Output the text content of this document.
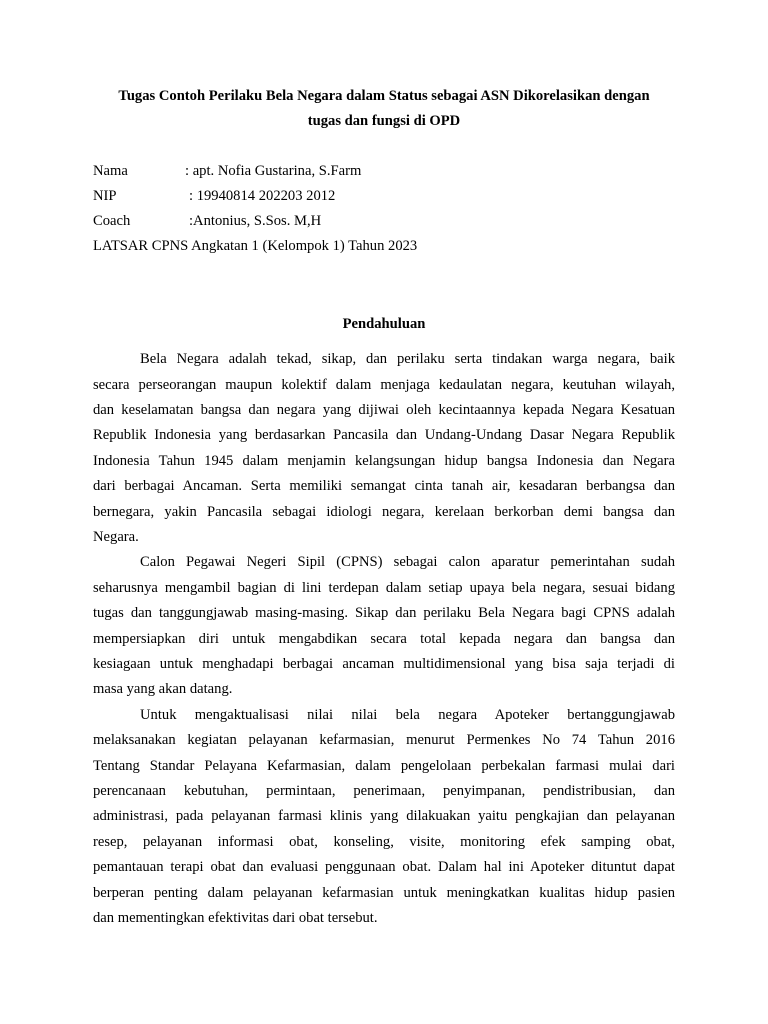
Tugas Contoh Perilaku Bela Negara dalam Status sebagai ASN Dikorelasikan dengan
tugas dan fungsi di OPD
Nama	: apt. Nofia Gustarina, S.Farm
NIP	: 19940814 202203 2012
Coach	:Antonius, S.Sos. M,H
LATSAR CPNS Angkatan 1 (Kelompok 1) Tahun 2023
Pendahuluan
Bela Negara adalah tekad, sikap, dan perilaku serta tindakan warga negara, baik
secara perseorangan maupun kolektif dalam menjaga kedaulatan negara, keutuhan wilayah,
dan keselamatan bangsa dan negara yang dijiwai oleh kecintaannya kepada Negara Kesatuan
Republik Indonesia yang berdasarkan Pancasila dan Undang-Undang Dasar Negara Republik
Indonesia Tahun 1945 dalam menjamin kelangsungan hidup bangsa Indonesia dan Negara
dari berbagai Ancaman. Serta memiliki semangat cinta tanah air, kesadaran berbangsa dan
bernegara, yakin Pancasila sebagai idiologi negara, kerelaan berkorban demi bangsa dan
Negara.
Calon Pegawai Negeri Sipil (CPNS) sebagai calon aparatur pemerintahan sudah
seharusnya mengambil bagian di lini terdepan dalam setiap upaya bela negara, sesuai bidang
tugas dan tanggungjawab masing-masing. Sikap dan perilaku Bela Negara bagi CPNS adalah
mempersiapkan diri untuk mengabdikan secara total kepada negara dan bangsa dan
kesiagaan untuk menghadapi berbagai ancaman multidimensional yang bisa saja terjadi di
masa yang akan datang.
Untuk mengaktualisasi nilai nilai bela negara Apoteker bertanggungjawab
melaksanakan kegiatan pelayanan kefarmasian, menurut Permenkes No 74 Tahun 2016
Tentang Standar Pelayana Kefarmasian, dalam pengelolaan perbekalan farmasi mulai dari
perencanaan kebutuhan, permintaan, penerimaan, penyimpanan, pendistribusian, dan
administrasi, pada pelayanan farmasi klinis yang dilakuakan yaitu pengkajian dan pelayanan
resep, pelayanan informasi obat, konseling, visite, monitoring efek samping obat,
pemantauan terapi obat dan evaluasi penggunaan obat. Dalam hal ini Apoteker dituntut dapat
berperan penting dalam pelayanan kefarmasian untuk meningkatkan kualitas hidup pasien
dan mementingkan efektivitas dari obat tersebut.
